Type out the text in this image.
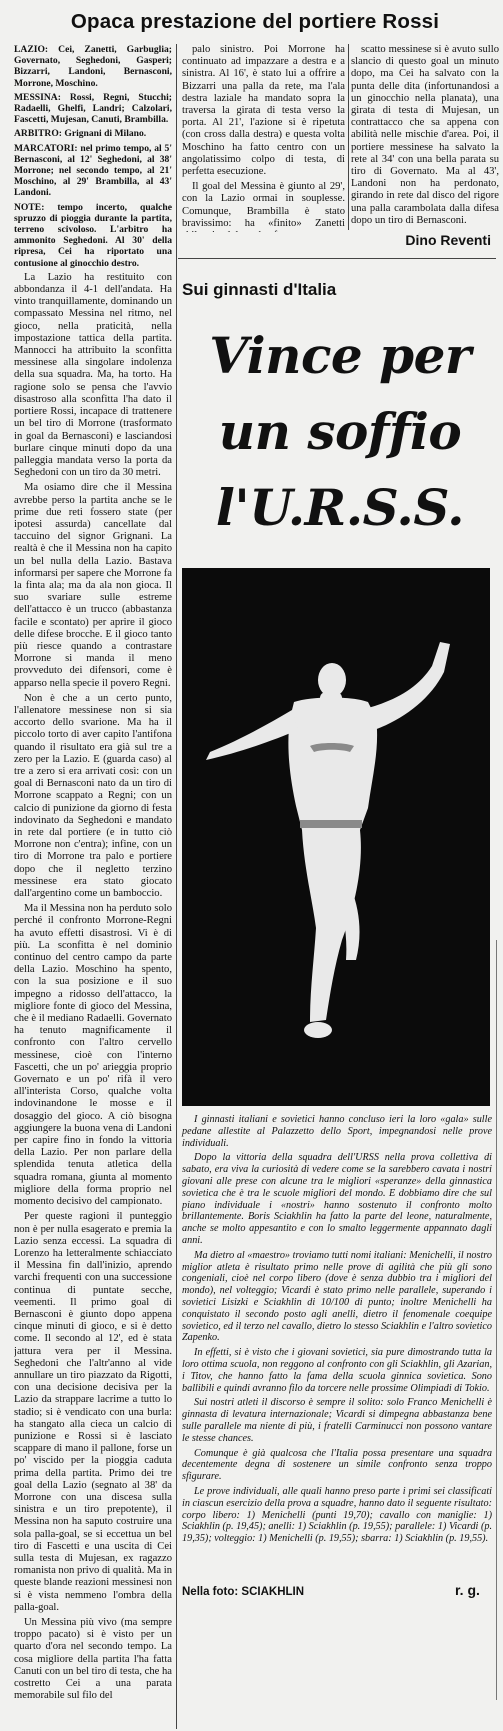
Opaca prestazione del portiere Rossi

LAZIO: Cei, Zanetti, Garbuglia; Governato, Seghedoni, Gasperi; Bizzarri, Landoni, Bernasconi, Morrone, Moschino.

MESSINA: Rossi, Regni, Stucchi; Radaelli, Ghelfi, Landri; Calzolari, Fascetti, Mujesan, Canuti, Brambilla.

ARBITRO: Grignani di Milano.

MARCATORI: nel primo tempo, al 5' Bernasconi, al 12' Seghedoni, al 38' Morrone; nel secondo tempo, al 21' Moschino, al 29' Brambilla, al 43' Landoni.

NOTE: tempo incerto, qualche spruzzo di pioggia durante la partita, terreno scivoloso. L'arbitro ha ammonito Seghedoni. Al 30' della ripresa, Cei ha riportato una contusione al ginocchio destro.

La Lazio ha restituito con abbondanza il 4-1 dell'andata. Ha vinto tranquillamente, dominando un compassato Messina nel ritmo, nel gioco, nella praticità, nella impostazione tattica della partita. Mannocci ha attribuito la sconfitta messinese alla singolare indolenza della sua squadra. Ma, ha torto. Ha ragione solo se pensa che l'avvio disastroso alla sconfitta l'ha dato il portiere Rossi, incapace di trattenere un bel tiro di Morrone (trasformato in goal da Bernasconi) e lasciandosi burlare cinque minuti dopo da una palleggia mandata verso la porta da Seghedoni con un tiro da 30 metri.

Ma osiamo dire che il Messina avrebbe perso la partita anche se le prime due reti fossero state (per ipotesi assurda) cancellate dal taccuino del signor Grignani. La realtà è che il Messina non ha capito un bel nulla della Lazio. Bastava informarsi per sapere che Morrone fa la finta ala; ma da ala non gioca. Il suo svariare sulle estreme dell'attacco è un trucco (abbastanza facile e scontato) per aprire il gioco delle difese brocche. E il gioco tanto più riesce quando a contrastare Morrone si manda il meno provveduto dei difensori, come è apparso nella specie il povero Regni.

Non è che a un certo punto, l'allenatore messinese non si sia accorto dello svarione. Ma ha il piccolo torto di aver capito l'antifona quando il risultato era già sul tre a zero per la Lazio. E (guarda caso) al tre a zero si era arrivati così: con un goal di Bernasconi nato da un tiro di Morrone scappato a Regni; con un calcio di punizione da giorno di festa indovinato da Seghedoni e mandato in rete dal portiere (e in tutto ciò Morrone non c'entra); infine, con un tiro di Morrone tra palo e portiere dopo che il negletto terzino messinese era stato giocato dall'argentino come un bamboccio.

Ma il Messina non ha perduto solo perché il confronto Morrone-Regni ha avuto effetti disastrosi. Vi è di più. La sconfitta è nel dominio continuo del centro campo da parte della Lazio. Moschino ha spento, con la sua posizione e il suo impegno a ridosso dell'attacco, la migliore fonte di gioco del Messina, che è il mediano Radaelli. Governato ha tenuto magnificamente il confronto con l'altro cervello messinese, cioè con l'interno Fascetti, che un po' arieggia proprio Governato e un po' rifà il vero all'interista Corso, qualche volta indovinandone le mosse e il dosaggio del gioco. A ciò bisogna aggiungere la buona vena di Landoni per capire fino in fondo la vittoria della Lazio. Per non parlare della splendida tenuta atletica della squadra romana, giunta al momento migliore della forma proprio nel momento decisivo del campionato.

Per queste ragioni il punteggio non è per nulla esagerato e premia la Lazio senza eccessi. La squadra di Lorenzo ha letteralmente schiacciato il Messina fin dall'inizio, aprendo varchi frequenti con una successione continua di puntate secche, veementi. Il primo goal di Bernasconi è giunto dopo appena cinque minuti di gioco, e si è detto come. Il secondo al 12', ed è stata jattura vera per il Messina. Seghedoni che l'altr'anno al vide annullare un tiro piazzato da Rigotti, con una decisione decisiva per la Lazio da strappare lacrime a tutto lo stadio; si è vendicato con una burla: ha stangato alla cieca un calcio di punizione e Rossi si è lasciato scappare di mano il pallone, forse un po' viscido per la pioggia caduta prima della partita. Primo dei tre goal della Lazio (segnato al 38' da Morrone con una discesa sulla sinistra e un tiro prepotente), il Messina non ha saputo costruire una sola palla-goal, se si eccettua un bel tiro di Fascetti e una uscita di Cei sulla testa di Mujesan, ex ragazzo romanista non privo di qualità. Ma in queste blande reazioni messinesi non si è vista nemmeno l'ombra della palla-goal.

Un Messina più vivo (ma sempre troppo pacato) si è visto per un quarto d'ora nel secondo tempo. La cosa migliore della partita l'ha fatta Canuti con un bel tiro di testa, che ha costretto Cei a una parata memorabile sul filo del

palo sinistro. Poi Morrone ha continuato ad impazzare a destra e a sinistra. Al 16', è stato lui a offrire a Bizzarri una palla da rete, ma l'ala destra laziale ha mandato sopra la traversa la girata di testa verso la porta. Al 21', l'azione si è ripetuta (con cross dalla destra) e questa volta Moschino ha fatto centro con un angolatissimo colpo di testa, di perfetta esecuzione.

Il goal del Messina è giunto al 29', con la Lazio ormai in souplesse. Comunque, Brambilla è stato bravissimo: ha «finito» Zanetti

scatto messinese si è avuto sullo slancio di questo goal un minuto dopo, ma Cei ha salvato con la punta delle dita (infortunandosi a un ginocchio nella planata), una girata di testa di Mujesan, un contrattacco che sa appena con abilità nelle mischie d'area. Poi, il portiere messinese ha salvato la rete al 34' con una bella parata su tiro di Governato. Ma al 43', Landoni non ha perdonato, girando in rete dal disco del rigore una palla carambolata dalla difesa dopo un tiro di Bernasconi.

Dino Reventi
Sui ginnasti d'Italia
Vince per
un soffio
l'U.R.S.S.

I ginnasti italiani e sovietici hanno concluso ieri la loro «gala» sulle pedane allestite al Palazzetto dello Sport, impegnandosi nelle prove individuali.

Dopo la vittoria della squadra dell'URSS nella prova collettiva di sabato, era viva la curiosità di vedere come se la sarebbero cavata i nostri giovani alle prese con alcune tra le migliori «speranze» della ginnastica sovietica che è tra le scuole migliori del mondo. E dobbiamo dire che sul piano individuale i «nostri» hanno sostenuto il confronto molto brillantemente. Boris Sciakhlin ha fatto la parte del leone, naturalmente, anche se molto appesantito e con lo smalto leggermente appannato dagli anni.

Ma dietro al «maestro» troviamo tutti nomi italiani: Menichelli, il nostro miglior atleta è risultato primo nelle prove di agilità che più gli sono congeniali, cioè nel corpo libero (dove è senza dubbio tra i migliori del mondo), nel volteggio; Vicardi è stato primo nelle parallele, superando i sovietici Lisizki e Sciakhlin di 10/100 di punto; inoltre Menichelli ha conquistato il secondo posto agli anelli, dietro il fenomenale coequipe sovietico, ed il terzo nel cavallo, dietro lo stesso Sciakhlin e l'altro sovietico Zapenko.

In effetti, si è visto che i giovani sovietici, sia pure dimostrando tutta la loro ottima scuola, non reggono al confronto con gli Sciakhlin, gli Azarian, i Titov, che hanno fatto la fama della scuola ginnica sovietica. Sono ballibili e quindi avranno filo da torcere nelle prossime Olimpiadi di Tokio.

Sui nostri atleti il discorso è sempre il solito: solo Franco Menichelli è ginnasta di levatura internazionale; Vicardi si dimpegna abbastanza bene sulle parallele ma niente di più, i fratelli Carminucci non possono vantare le stesse chances.

Comunque è già qualcosa che l'Italia possa presentare una squadra decentemente degna di sostenere un simile confronto senza troppo sfigurare.

Le prove individuali, alle quali hanno preso parte i primi sei classificati in ciascun esercizio della prova a squadre, hanno dato il seguente risultato: corpo libero: 1) Menichelli (punti 19,70); cavallo con maniglie: 1) Sciakhlin (p. 19,45); anelli: 1) Sciakhlin (p. 19,55); parallele: 1) Vicardi (p. 19,35); volteggio: 1) Menichelli (p. 19,55); sbarra: 1) Sciakhlin (p. 19,55).

Nella foto: SCIAKHLIN	r. g.
